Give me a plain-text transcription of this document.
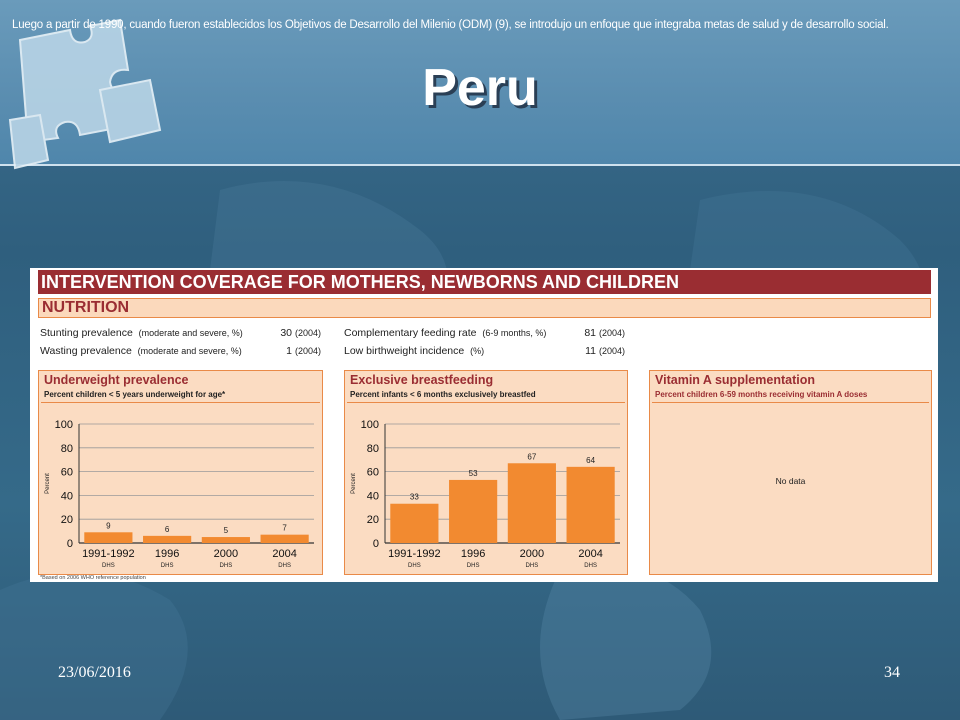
Luego a partir de 1990, cuando fueron establecidos los Objetivos de Desarrollo del Milenio (ODM) (9), se introdujo un enfoque que integraba metas de salud y de desarrollo social.
Peru
INTERVENTION COVERAGE FOR MOTHERS, NEWBORNS AND CHILDREN
NUTRITION
Stunting prevalence (moderate and severe, %)	30 (2004)
Wasting prevalence (moderate and severe, %)	1 (2004)
Complementary feeding rate (6-9 months, %)	81 (2004)
Low birthweight incidence (%)	11 (2004)
Underweight prevalence
Percent children < 5 years underweight for age*
Percent
0
20
40
60
80
100
9
1991-1992
DHS
6
1996
DHS
5
2000
DHS
7
2004
DHS
Exclusive breastfeeding
Percent infants < 6 months exclusively breastfed
Percent
0
20
40
60
80
100
33
1991-1992
DHS
53
1996
DHS
67
2000
DHS
64
2004
DHS
Vitamin A supplementation
Percent children 6-59 months receiving vitamin A doses
No data
*Based on 2006 WHO reference population
23/06/2016	34
